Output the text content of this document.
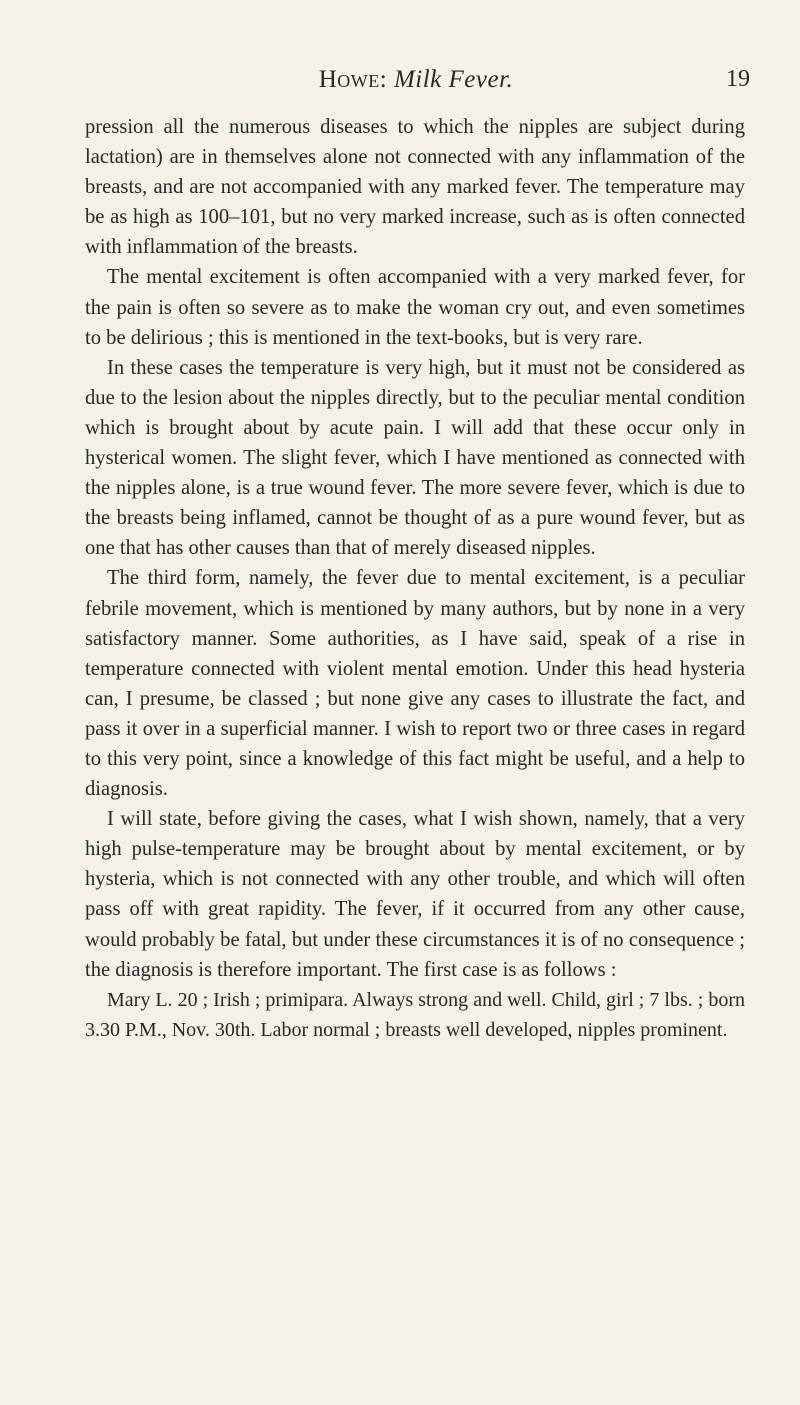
Howe: Milk Fever.	19

pression all the numerous diseases to which the nipples are subject during lactation) are in themselves alone not connected with any inflammation of the breasts, and are not accompanied with any marked fever. The temperature may be as high as 100–101, but no very marked increase, such as is often connected with inflammation of the breasts.

The mental excitement is often accompanied with a very marked fever, for the pain is often so severe as to make the woman cry out, and even sometimes to be delirious ; this is mentioned in the text-books, but is very rare.

In these cases the temperature is very high, but it must not be considered as due to the lesion about the nipples directly, but to the peculiar mental condition which is brought about by acute pain. I will add that these occur only in hysterical women. The slight fever, which I have mentioned as connected with the nipples alone, is a true wound fever. The more severe fever, which is due to the breasts being inflamed, cannot be thought of as a pure wound fever, but as one that has other causes than that of merely diseased nipples.

The third form, namely, the fever due to mental excitement, is a peculiar febrile movement, which is mentioned by many authors, but by none in a very satisfactory manner. Some authorities, as I have said, speak of a rise in temperature connected with violent mental emotion. Under this head hysteria can, I presume, be classed ; but none give any cases to illustrate the fact, and pass it over in a superficial manner. I wish to report two or three cases in regard to this very point, since a knowledge of this fact might be useful, and a help to diagnosis.

I will state, before giving the cases, what I wish shown, namely, that a very high pulse-temperature may be brought about by mental excitement, or by hysteria, which is not connected with any other trouble, and which will often pass off with great rapidity. The fever, if it occurred from any other cause, would probably be fatal, but under these circumstances it is of no consequence ; the diagnosis is therefore important. The first case is as follows :

Mary L. 20 ; Irish ; primipara. Always strong and well. Child, girl ; 7 lbs. ; born 3.30 P.M., Nov. 30th. Labor normal ; breasts well developed, nipples prominent.
